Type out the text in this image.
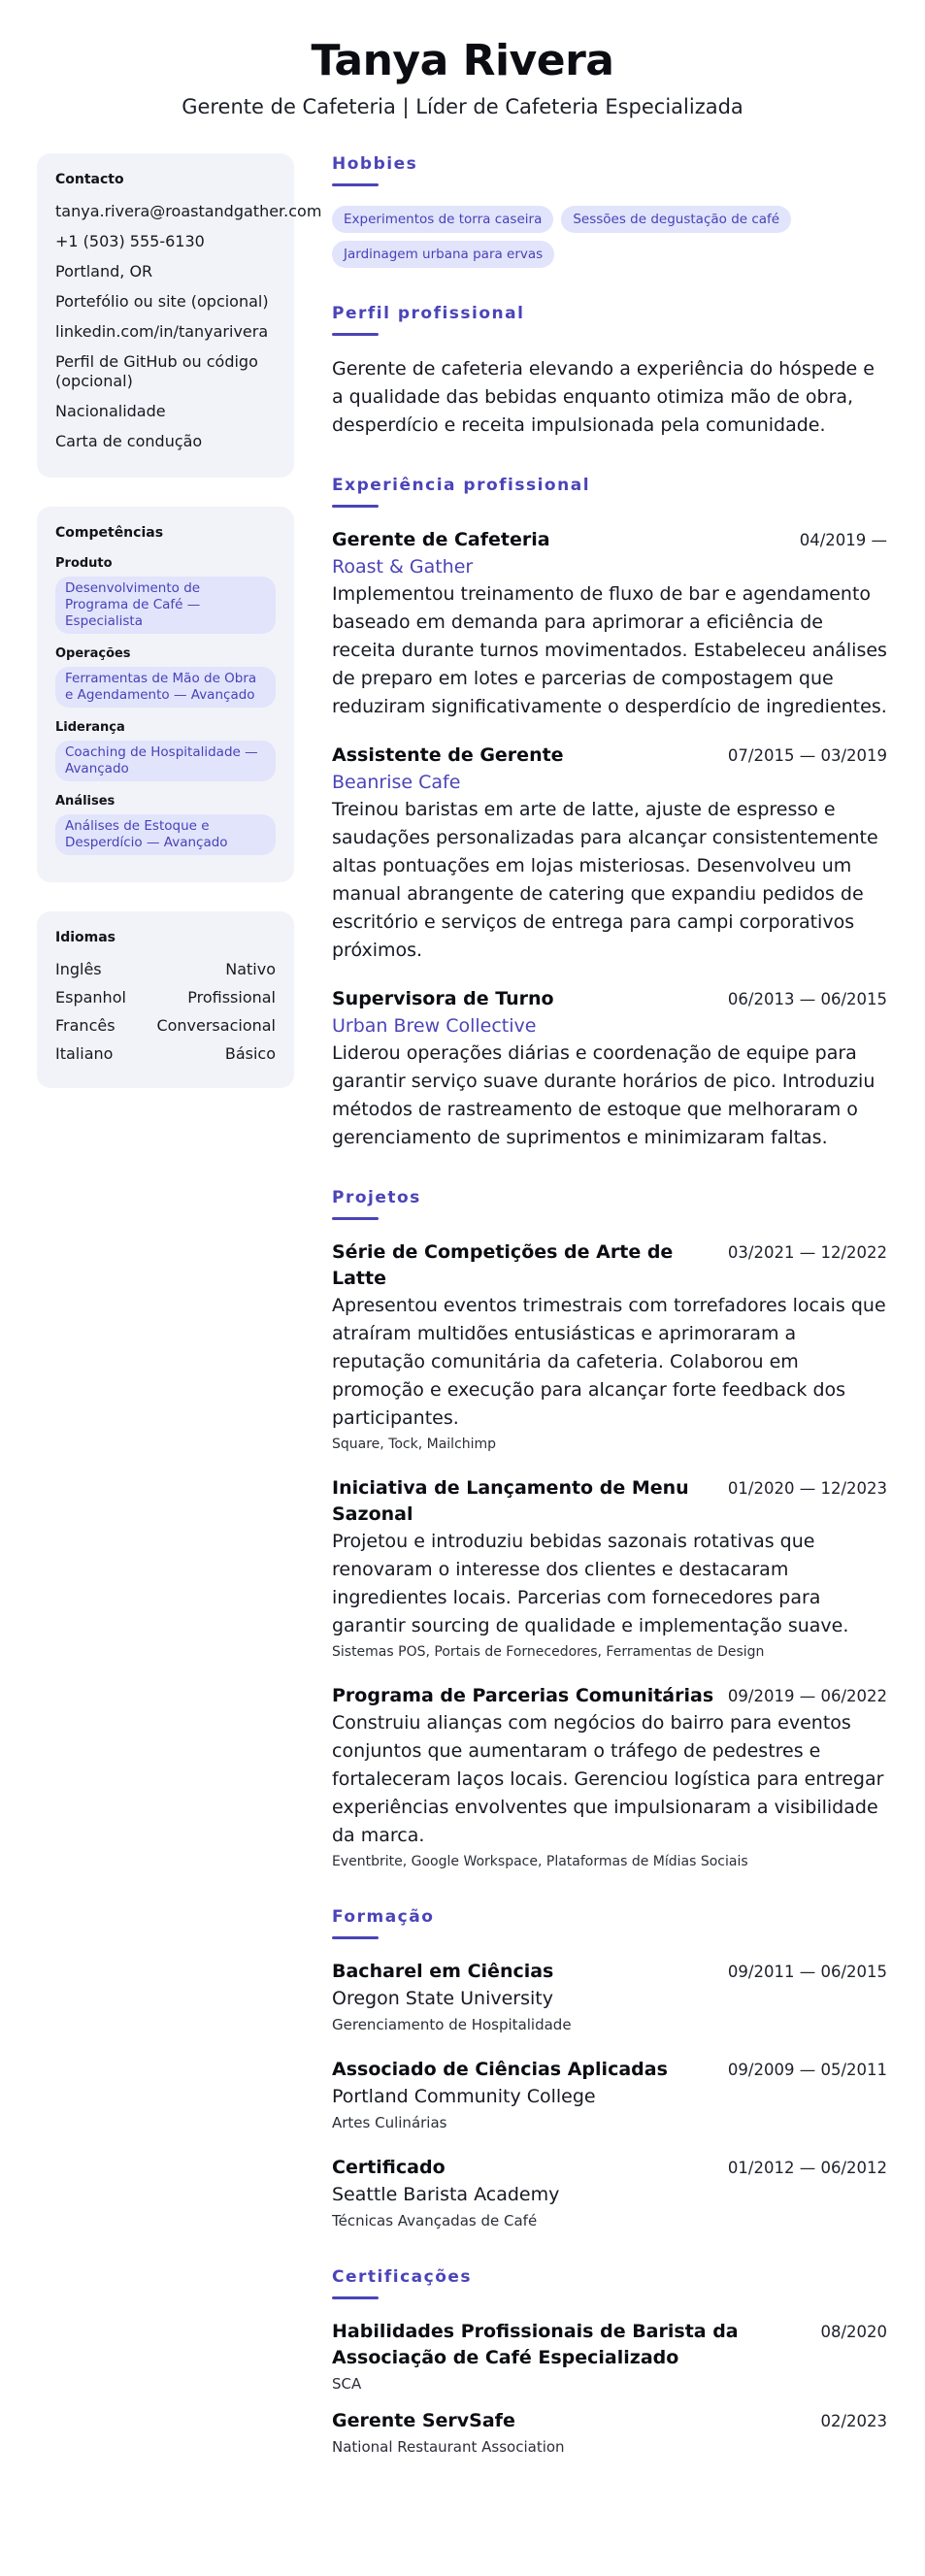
Tanya Rivera
Gerente de Cafeteria | Líder de Cafeteria Especializada
Contacto
tanya.rivera@roastandgather.com
+1 (503) 555-6130
Portland, OR
Portefólio ou site (opcional)
linkedin.com/in/tanyarivera
Perfil de GitHub ou código (opcional)
Nacionalidade
Carta de condução
Competências
Produto
Desenvolvimento de Programa de Café — Especialista
Operações
Ferramentas de Mão de Obra e Agendamento — Avançado
Liderança
Coaching de Hospitalidade — Avançado
Análises
Análises de Estoque e Desperdício — Avançado
Idiomas
Inglês	Nativo
Espanhol	Profissional
Francês	Conversacional
Italiano	Básico
Hobbies
Experimentos de torra caseira	Sessões de degustação de café
Jardinagem urbana para ervas
Perfil profissional
Gerente de cafeteria elevando a experiência do hóspede e a qualidade das bebidas enquanto otimiza mão de obra, desperdício e receita impulsionada pela comunidade.
Experiência profissional
Gerente de Cafeteria	04/2019 —
Roast & Gather
Implementou treinamento de fluxo de bar e agendamento baseado em demanda para aprimorar a eficiência de receita durante turnos movimentados. Estabeleceu análises de preparo em lotes e parcerias de compostagem que reduziram significativamente o desperdício de ingredientes.
Assistente de Gerente	07/2015 — 03/2019
Beanrise Cafe
Treinou baristas em arte de latte, ajuste de espresso e saudações personalizadas para alcançar consistentemente altas pontuações em lojas misteriosas. Desenvolveu um manual abrangente de catering que expandiu pedidos de escritório e serviços de entrega para campi corporativos próximos.
Supervisora de Turno	06/2013 — 06/2015
Urban Brew Collective
Liderou operações diárias e coordenação de equipe para garantir serviço suave durante horários de pico. Introduziu métodos de rastreamento de estoque que melhoraram o gerenciamento de suprimentos e minimizaram faltas.
Projetos
Série de Competições de Arte de Latte
03/2021 — 12/2022
Apresentou eventos trimestrais com torrefadores locais que atraíram multidões entusiásticas e aprimoraram a reputação comunitária da cafeteria. Colaborou em promoção e execução para alcançar forte feedback dos participantes.
Square, Tock, Mailchimp
Iniciativa de Lançamento de Menu Sazonal
01/2020 — 12/2023
Projetou e introduziu bebidas sazonais rotativas que renovaram o interesse dos clientes e destacaram ingredientes locais. Parcerias com fornecedores para garantir sourcing de qualidade e implementação suave.
Sistemas POS, Portais de Fornecedores, Ferramentas de Design
Programa de Parcerias Comunitárias 09/2019 — 06/2022
Construiu alianças com negócios do bairro para eventos conjuntos que aumentaram o tráfego de pedestres e fortaleceram laços locais. Gerenciou logística para entregar experiências envolventes que impulsionaram a visibilidade da marca.
Eventbrite, Google Workspace, Plataformas de Mídias Sociais
Formação
Bacharel em Ciências	09/2011 — 06/2015
Oregon State University
Gerenciamento de Hospitalidade
Associado de Ciências Aplicadas	09/2009 — 05/2011
Portland Community College
Artes Culinárias
Certificado	01/2012 — 06/2012
Seattle Barista Academy
Técnicas Avançadas de Café
Certificações
Habilidades Profissionais de Barista da Associação de Café Especializado
08/2020
SCA
Gerente ServSafe	02/2023
National Restaurant Association
